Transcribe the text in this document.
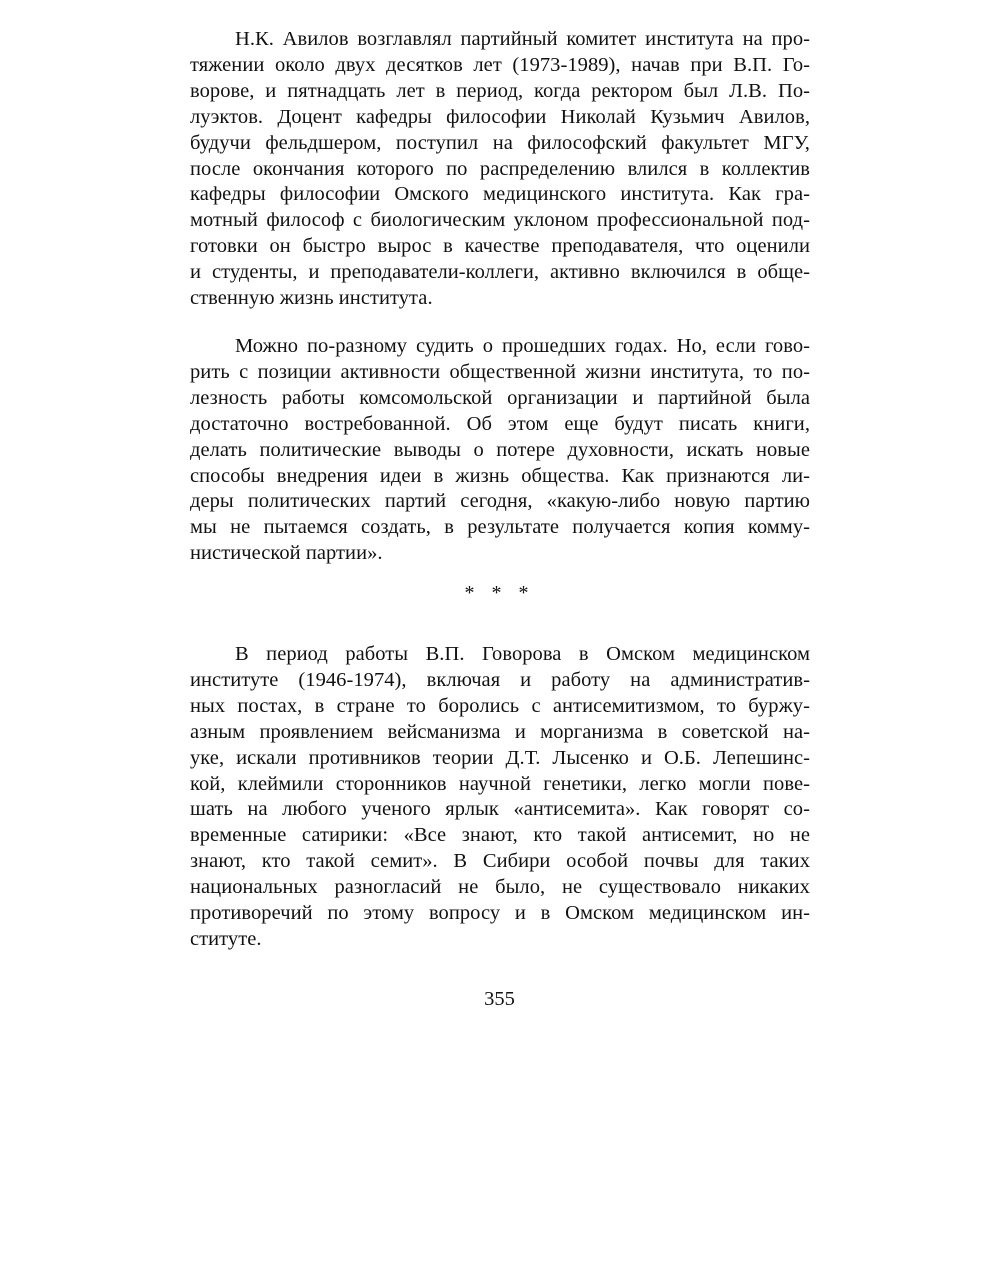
Н.К. Авилов возглавлял партийный комитет института на про-
тяжении около двух десятков лет (1973-1989), начав при В.П. Го-
ворове, и пятнадцать лет в период, когда ректором был Л.В. По-
луэктов. Доцент кафедры философии Николай Кузьмич Авилов,
будучи фельдшером, поступил на философский факультет МГУ,
после окончания которого по распределению влился в коллектив
кафедры философии Омского медицинского института. Как гра-
мотный философ с биологическим уклоном профессиональной под-
готовки он быстро вырос в качестве преподавателя, что оценили
и студенты, и преподаватели-коллеги, активно включился в обще-
ственную жизнь института.
Можно по-разному судить о прошедших годах. Но, если гово-
рить с позиции активности общественной жизни института, то по-
лезность работы комсомольской организации и партийной была
достаточно востребованной. Об этом еще будут писать книги,
делать политические выводы о потере духовности, искать новые
способы внедрения идеи в жизнь общества. Как признаются ли-
деры политических партий сегодня, «какую-либо новую партию
мы не пытаемся создать, в результате получается копия комму-
нистической партии».
* * *
В период работы В.П. Говорова в Омском медицинском
институте (1946-1974), включая и работу на административ-
ных постах, в стране то боролись с антисемитизмом, то буржу-
азным проявлением вейсманизма и морганизма в советской на-
уке, искали противников теории Д.Т. Лысенко и О.Б. Лепешинс-
кой, клеймили сторонников научной генетики, легко могли пове-
шать на любого ученого ярлык «антисемита». Как говорят со-
временные сатирики: «Все знают, кто такой антисемит, но не
знают, кто такой семит». В Сибири особой почвы для таких
национальных разногласий не было, не существовало никаких
противоречий по этому вопросу и в Омском медицинском ин-
ституте.
355
